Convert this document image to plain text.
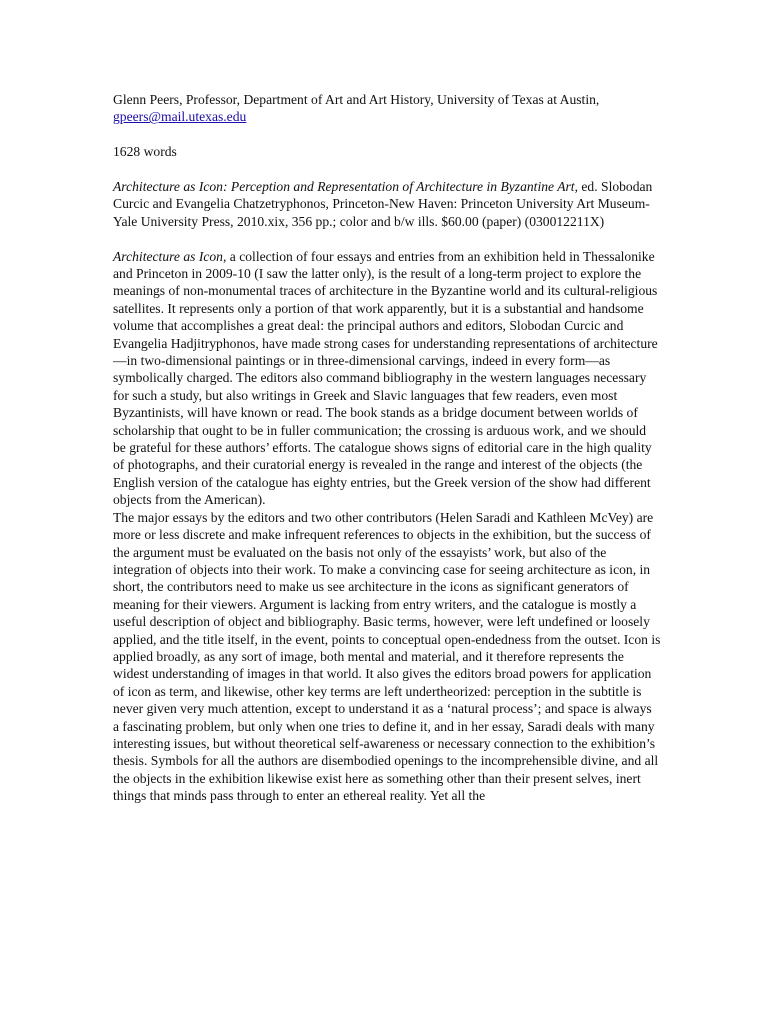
Glenn Peers, Professor, Department of Art and Art History, University of Texas at Austin, gpeers@mail.utexas.edu

1628 words

Architecture as Icon: Perception and Representation of Architecture in Byzantine Art, ed. Slobodan Curcic and Evangelia Chatzetryphonos, Princeton-New Haven: Princeton University Art Museum-Yale University Press, 2010.xix, 356 pp.; color and b/w ills. $60.00 (paper) (030012211X)

Architecture as Icon, a collection of four essays and entries from an exhibition held in Thessalonike and Princeton in 2009-10 (I saw the latter only), is the result of a long-term project to explore the meanings of non-monumental traces of architecture in the Byzantine world and its cultural-religious satellites. It represents only a portion of that work apparently, but it is a substantial and handsome volume that accomplishes a great deal: the principal authors and editors, Slobodan Curcic and Evangelia Hadjitryphonos, have made strong cases for understanding representations of architecture—in two-dimensional paintings or in three-dimensional carvings, indeed in every form—as symbolically charged. The editors also command bibliography in the western languages necessary for such a study, but also writings in Greek and Slavic languages that few readers, even most Byzantinists, will have known or read. The book stands as a bridge document between worlds of scholarship that ought to be in fuller communication; the crossing is arduous work, and we should be grateful for these authors’ efforts. The catalogue shows signs of editorial care in the high quality of photographs, and their curatorial energy is revealed in the range and interest of the objects (the English version of the catalogue has eighty entries, but the Greek version of the show had different objects from the American).

The major essays by the editors and two other contributors (Helen Saradi and Kathleen McVey) are more or less discrete and make infrequent references to objects in the exhibition, but the success of the argument must be evaluated on the basis not only of the essayists’ work, but also of the integration of objects into their work. To make a convincing case for seeing architecture as icon, in short, the contributors need to make us see architecture in the icons as significant generators of meaning for their viewers. Argument is lacking from entry writers, and the catalogue is mostly a useful description of object and bibliography. Basic terms, however, were left undefined or loosely applied, and the title itself, in the event, points to conceptual open-endedness from the outset. Icon is applied broadly, as any sort of image, both mental and material, and it therefore represents the widest understanding of images in that world. It also gives the editors broad powers for application of icon as term, and likewise, other key terms are left undertheorized: perception in the subtitle is never given very much attention, except to understand it as a ‘natural process’; and space is always a fascinating problem, but only when one tries to define it, and in her essay, Saradi deals with many interesting issues, but without theoretical self-awareness or necessary connection to the exhibition’s thesis. Symbols for all the authors are disembodied openings to the incomprehensible divine, and all the objects in the exhibition likewise exist here as something other than their present selves, inert things that minds pass through to enter an ethereal reality. Yet all the
